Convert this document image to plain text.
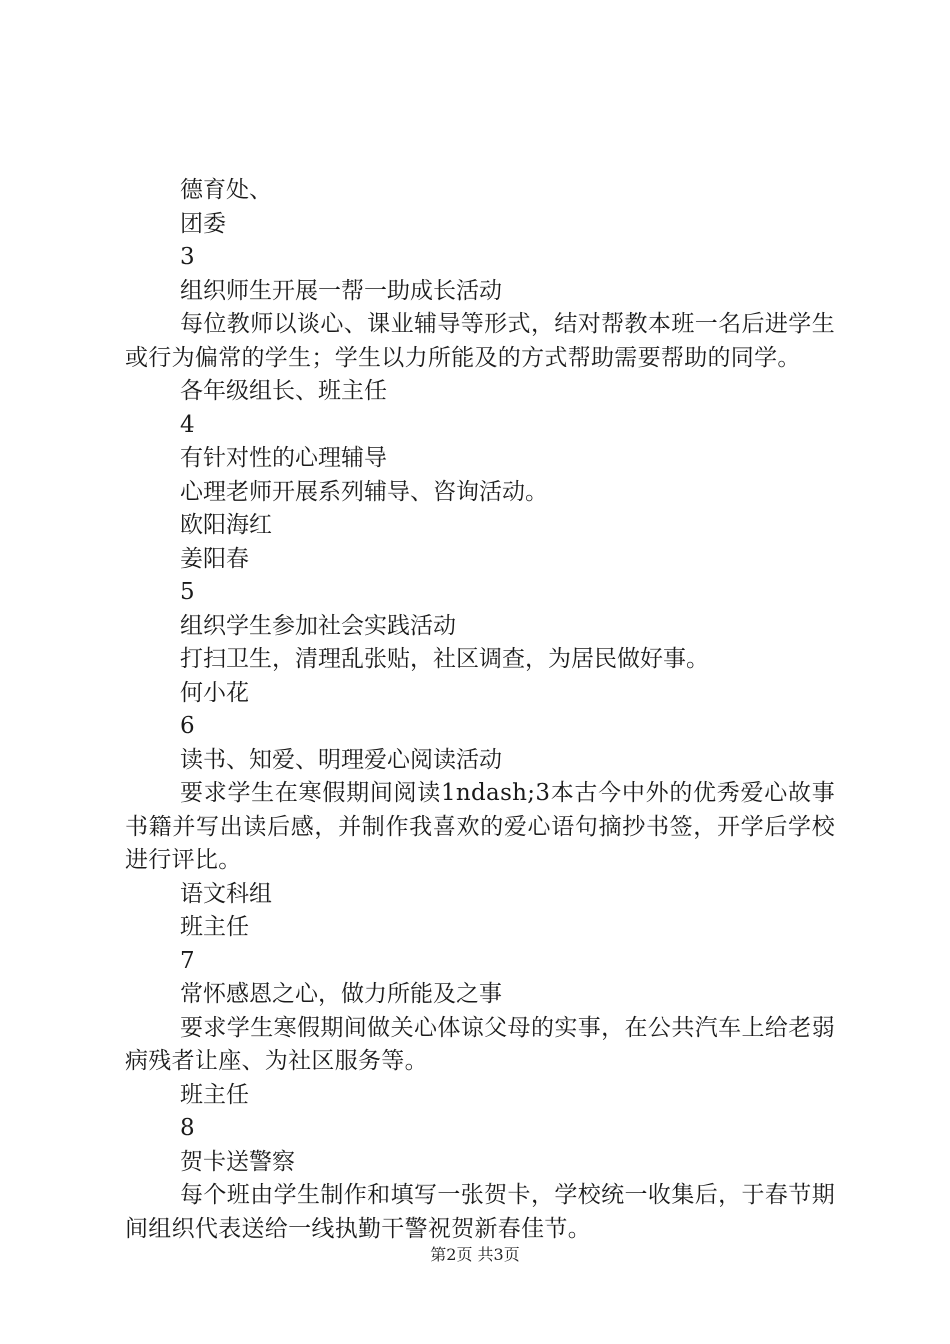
德育处、

团委

3

组织师生开展一帮一助成长活动

每位教师以谈心、课业辅导等形式，结对帮教本班一名后进学生或行为偏常的学生；学生以力所能及的方式帮助需要帮助的同学。

各年级组长、班主任

4

有针对性的心理辅导

心理老师开展系列辅导、咨询活动。

欧阳海红

姜阳春

5

组织学生参加社会实践活动

打扫卫生，清理乱张贴，社区调查，为居民做好事。

何小花

6

读书、知爱、明理爱心阅读活动

要求学生在寒假期间阅读1ndash;3本古今中外的优秀爱心故事书籍并写出读后感，并制作我喜欢的爱心语句摘抄书签，开学后学校进行评比。

语文科组

班主任

7

常怀感恩之心，做力所能及之事

要求学生寒假期间做关心体谅父母的实事，在公共汽车上给老弱病残者让座、为社区服务等。

班主任

8

贺卡送警察

每个班由学生制作和填写一张贺卡，学校统一收集后，于春节期间组织代表送给一线执勤干警祝贺新春佳节。

第2页 共3页
